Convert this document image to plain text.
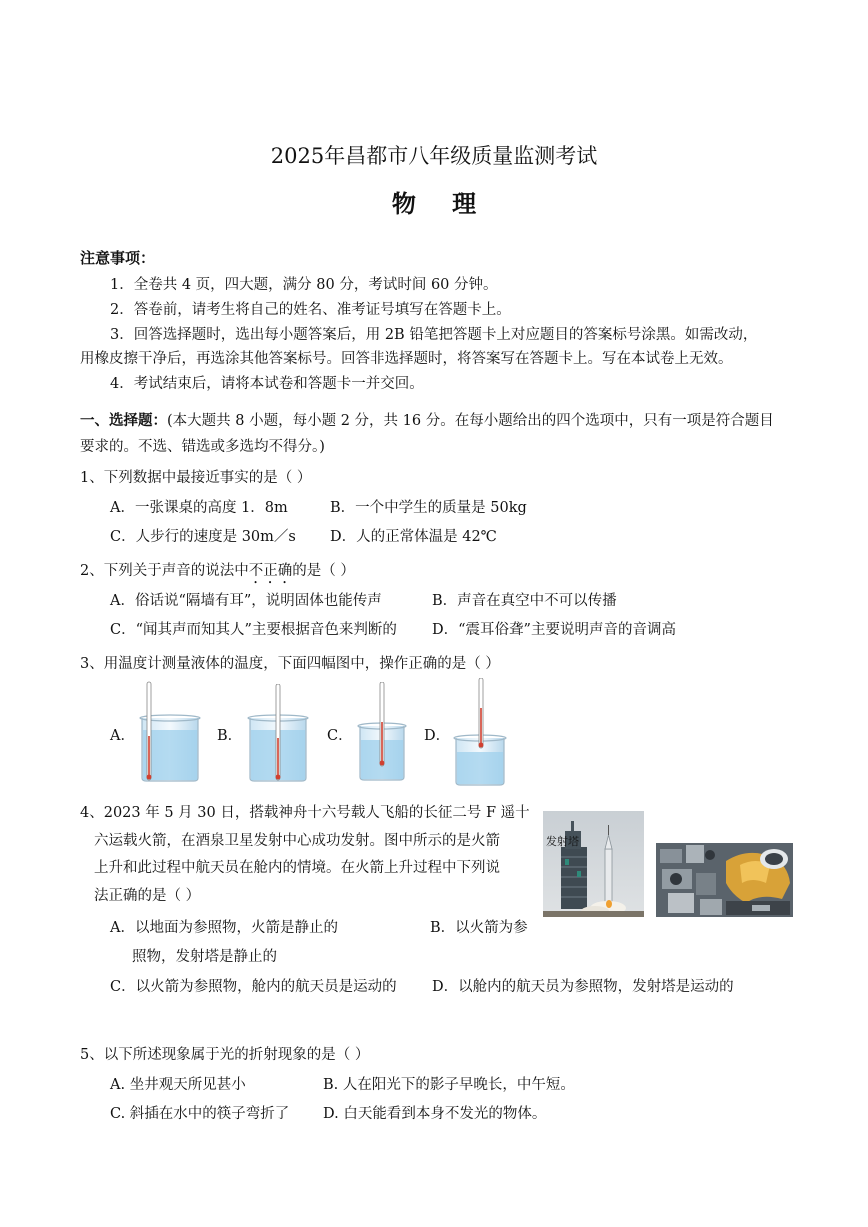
2025年昌都市八年级质量监测考试
物 理
注意事项：
1．全卷共 4 页，四大题，满分 80 分，考试时间 60 分钟。
2．答卷前，请考生将自己的姓名、准考证号填写在答题卡上。
3．回答选择题时，选出每小题答案后，用 2B 铅笔把答题卡上对应题目的答案标号涂黑。如需改动，
用橡皮擦干净后，再选涂其他答案标号。回答非选择题时，将答案写在答题卡上。写在本试卷上无效。
4．考试结束后，请将本试卷和答题卡一并交回。
一、选择题：(本大题共 8 小题，每小题 2 分，共 16 分。在每小题给出的四个选项中，只有一项是符合题目
要求的。不选、错选或多选均不得分。)
1、下列数据中最接近事实的是（ ）
A．一张课桌的高度 1．8m	B．一个中学生的质量是 50kg
C．人步行的速度是 30m／s D．人的正常体温是 42℃
2、下列关于声音的说法中不正确的是（ ）
A．俗话说“隔墙有耳”，说明固体也能传声	B．声音在真空中不可以传播
C．“闻其声而知其人”主要根据音色来判断的 D．“震耳俗聋”主要说明声音的音调高
3、用温度计测量液体的温度，下面四幅图中，操作正确的是（ ）
A．	B．	C．	D．
4、2023 年 5 月 30 日，搭载神舟十六号载人飞船的长征二号 F 遥十
六运载火箭，在酒泉卫星发射中心成功发射。图中所示的是火箭
上升和此过程中航天员在舱内的情境。在火箭上升过程中下列说
法正确的是（ ）
A．以地面为参照物，火箭是静止的	B．以火箭为参
照物，发射塔是静止的
C．以火箭为参照物，舱内的航天员是运动的 D．以舱内的航天员为参照物，发射塔是运动的
发射塔
5、以下所述现象属于光的折射现象的是（ ）
A. 坐井观天所见甚小	B. 人在阳光下的影子早晚长，中午短。
C. 斜插在水中的筷子弯折了 D. 白天能看到本身不发光的物体。
